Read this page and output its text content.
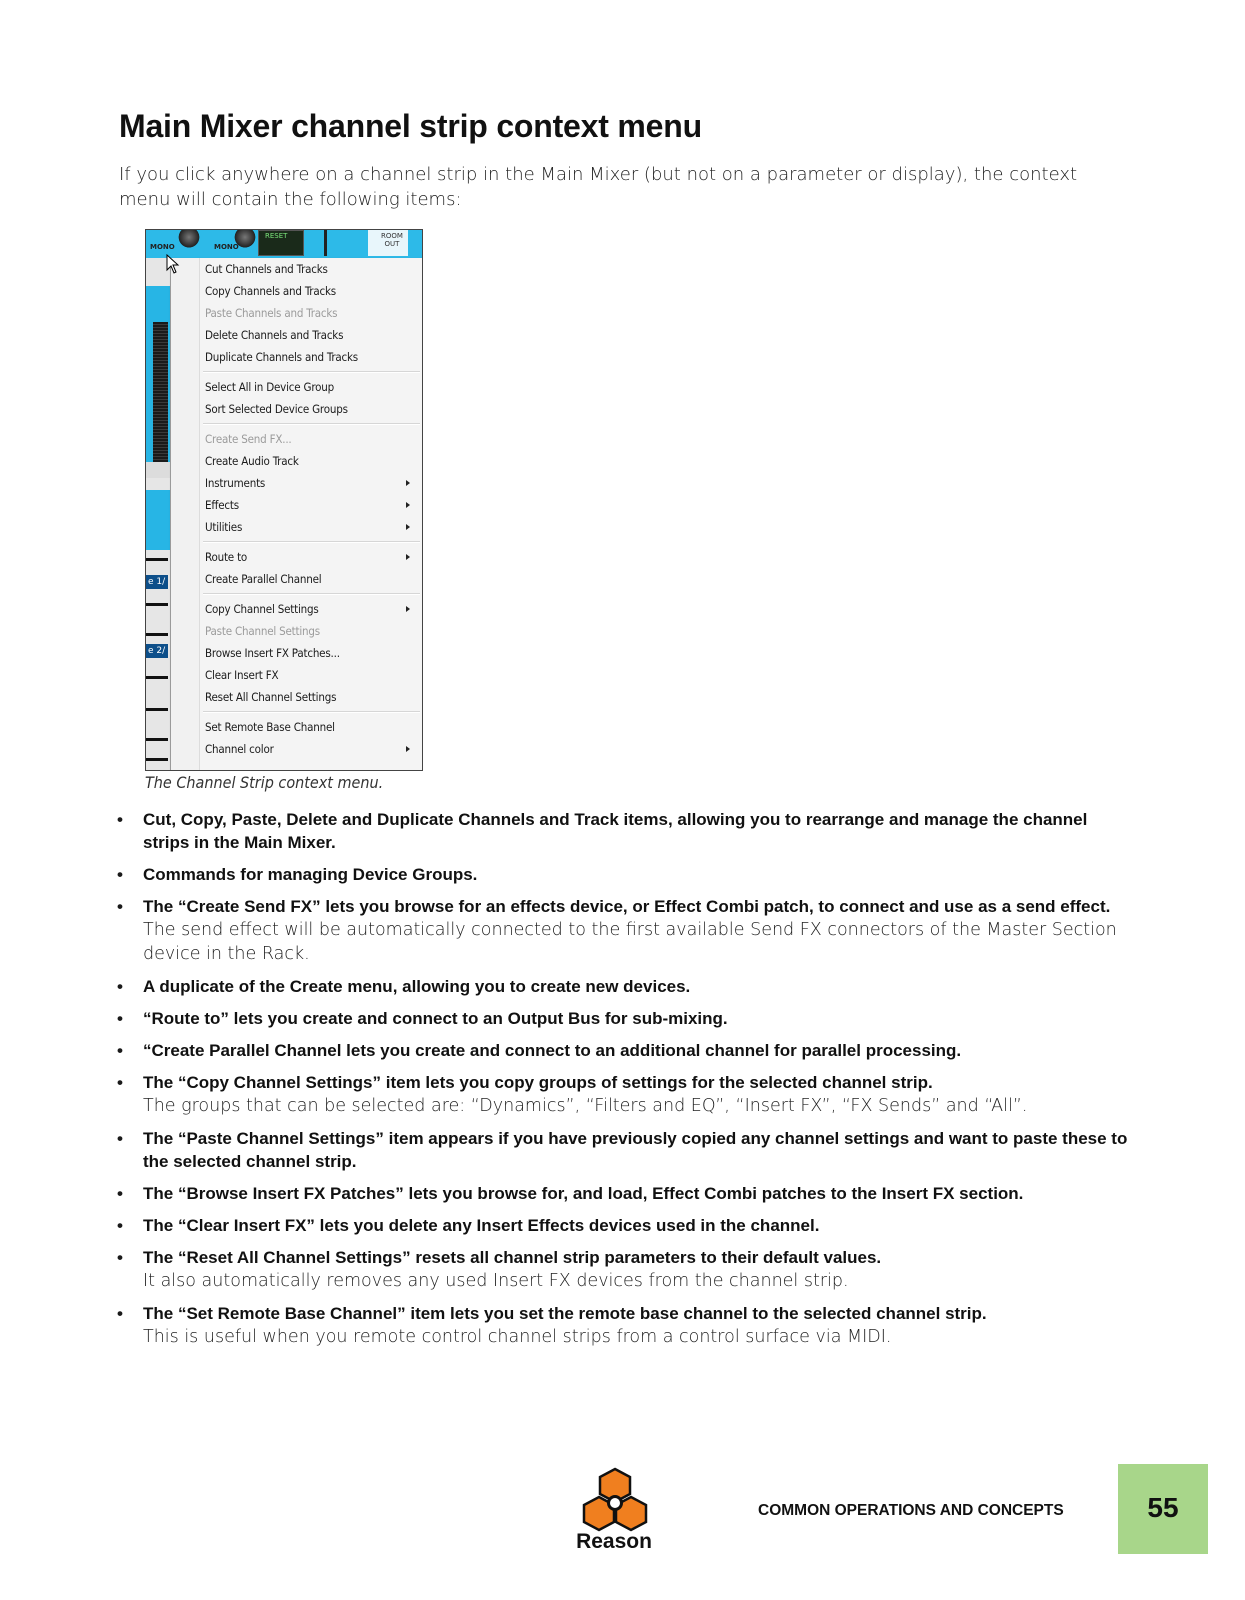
Main Mixer channel strip context menu
If you click anywhere on a channel strip in the Main Mixer (but not on a parameter or display), the context menu will contain the following items:
MONO	MONO
RESET	ROOM OUT
e 1/
e 2/
Cut Channels and Tracks
Copy Channels and Tracks
Paste Channels and Tracks
Delete Channels and Tracks
Duplicate Channels and Tracks
Select All in Device Group
Sort Selected Device Groups
Create Send FX...
Create Audio Track
Instruments
Effects
Utilities
Route to
Create Parallel Channel
Copy Channel Settings
Paste Channel Settings
Browse Insert FX Patches...
Clear Insert FX
Reset All Channel Settings
Set Remote Base Channel
Channel color
The Channel Strip context menu.
• Cut, Copy, Paste, Delete and Duplicate Channels and Track items, allowing you to rearrange and manage the channel strips in the Main Mixer.
• Commands for managing Device Groups.
• The “Create Send FX” lets you browse for an effects device, or Effect Combi patch, to connect and use as a send effect.
The send effect will be automatically connected to the first available Send FX connectors of the Master Section device in the Rack.
• A duplicate of the Create menu, allowing you to create new devices.
• “Route to” lets you create and connect to an Output Bus for sub-mixing.
• “Create Parallel Channel lets you create and connect to an additional channel for parallel processing.
• The “Copy Channel Settings” item lets you copy groups of settings for the selected channel strip.
The groups that can be selected are: “Dynamics”, “Filters and EQ”, “Insert FX”, “FX Sends” and “All”.
• The “Paste Channel Settings” item appears if you have previously copied any channel settings and want to paste these to the selected channel strip.
• The “Browse Insert FX Patches” lets you browse for, and load, Effect Combi patches to the Insert FX section.
• The “Clear Insert FX” lets you delete any Insert Effects devices used in the channel.
• The “Reset All Channel Settings” resets all channel strip parameters to their default values.
It also automatically removes any used Insert FX devices from the channel strip.
• The “Set Remote Base Channel” item lets you set the remote base channel to the selected channel strip.
This is useful when you remote control channel strips from a control surface via MIDI.
Reason
COMMON OPERATIONS AND CONCEPTS	55
